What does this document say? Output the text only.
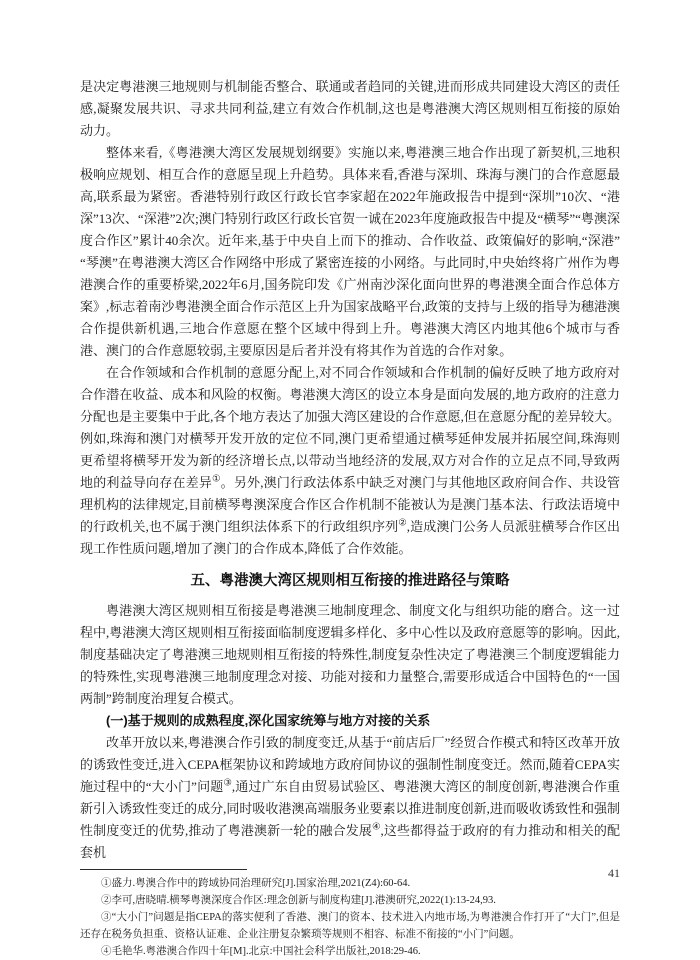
是决定粤港澳三地规则与机制能否整合、联通或者趋同的关键,进而形成共同建设大湾区的责任感,凝聚发展共识、寻求共同利益,建立有效合作机制,这也是粤港澳大湾区规则相互衔接的原始动力。

整体来看,《粤港澳大湾区发展规划纲要》实施以来,粤港澳三地合作出现了新契机,三地积极响应规划、相互合作的意愿呈现上升趋势。具体来看,香港与深圳、珠海与澳门的合作意愿最高,联系最为紧密。香港特别行政区行政长官李家超在2022年施政报告中提到“深圳”10次、“港深”13次、“深港”2次;澳门特别行政区行政长官贺一诚在2023年度施政报告中提及“横琴”“粤澳深度合作区”累计40余次。近年来,基于中央自上而下的推动、合作收益、政策偏好的影响,“深港”“琴澳”在粤港澳大湾区合作网络中形成了紧密连接的小网络。与此同时,中央始终将广州作为粤港澳合作的重要桥梁,2022年6月,国务院印发《广州南沙深化面向世界的粤港澳全面合作总体方案》,标志着南沙粤港澳全面合作示范区上升为国家战略平台,政策的支持与上级的指导为穗港澳合作提供新机遇,三地合作意愿在整个区域中得到上升。粤港澳大湾区内地其他6个城市与香港、澳门的合作意愿较弱,主要原因是后者并没有将其作为首选的合作对象。

在合作领域和合作机制的意愿分配上,对不同合作领域和合作机制的偏好反映了地方政府对合作潜在收益、成本和风险的权衡。粤港澳大湾区的设立本身是面向发展的,地方政府的注意力分配也是主要集中于此,各个地方表达了加强大湾区建设的合作意愿,但在意愿分配的差异较大。例如,珠海和澳门对横琴开发开放的定位不同,澳门更希望通过横琴延伸发展并拓展空间,珠海则更希望将横琴开发为新的经济增长点,以带动当地经济的发展,双方对合作的立足点不同,导致两地的利益导向存在差异①。另外,澳门行政法体系中缺乏对澳门与其他地区政府间合作、共设管理机构的法律规定,目前横琴粤澳深度合作区合作机制不能被认为是澳门基本法、行政法语境中的行政机关,也不属于澳门组织法体系下的行政组织序列②,造成澳门公务人员派驻横琴合作区出现工作性质问题,增加了澳门的合作成本,降低了合作效能。

五、粤港澳大湾区规则相互衔接的推进路径与策略

粤港澳大湾区规则相互衔接是粤港澳三地制度理念、制度文化与组织功能的磨合。这一过程中,粤港澳大湾区规则相互衔接面临制度逻辑多样化、多中心性以及政府意愿等的影响。因此,制度基础决定了粤港澳三地规则相互衔接的特殊性,制度复杂性决定了粤港澳三个制度逻辑能力的特殊性,实现粤港澳三地制度理念对接、功能对接和力量整合,需要形成适合中国特色的“一国两制”跨制度治理复合模式。

(一)基于规则的成熟程度,深化国家统筹与地方对接的关系

改革开放以来,粤港澳合作引致的制度变迁,从基于“前店后厂”经贸合作模式和特区改革开放的诱致性变迁,进入CEPA框架协议和跨域地方政府间协议的强制性制度变迁。然而,随着CEPA实施过程中的“大小门”问题③,通过广东自由贸易试验区、粤港澳大湾区的制度创新,粤港澳合作重新引入诱致性变迁的成分,同时吸收港澳高端服务业要素以推进制度创新,进而吸收诱致性和强制性制度变迁的优势,推动了粤港澳新一轮的融合发展④,这些都得益于政府的有力推动和相关的配套机

①盛力.粤澳合作中的跨域协同治理研究[J].国家治理,2021(Z4):60-64.

②李可,唐晓晴.横琴粤澳深度合作区:理念创新与制度构建[J].港澳研究,2022(1):13-24,93.

③“大小门”问题是指CEPA的落实便利了香港、澳门的资本、技术进入内地市场,为粤港澳合作打开了“大门”,但是还存在税务负担重、资格认证难、企业注册复杂繁琐等规则不相容、标准不衔接的“小门”问题。

④毛艳华.粤港澳合作四十年[M].北京:中国社会科学出版社,2018:29-46.

41
